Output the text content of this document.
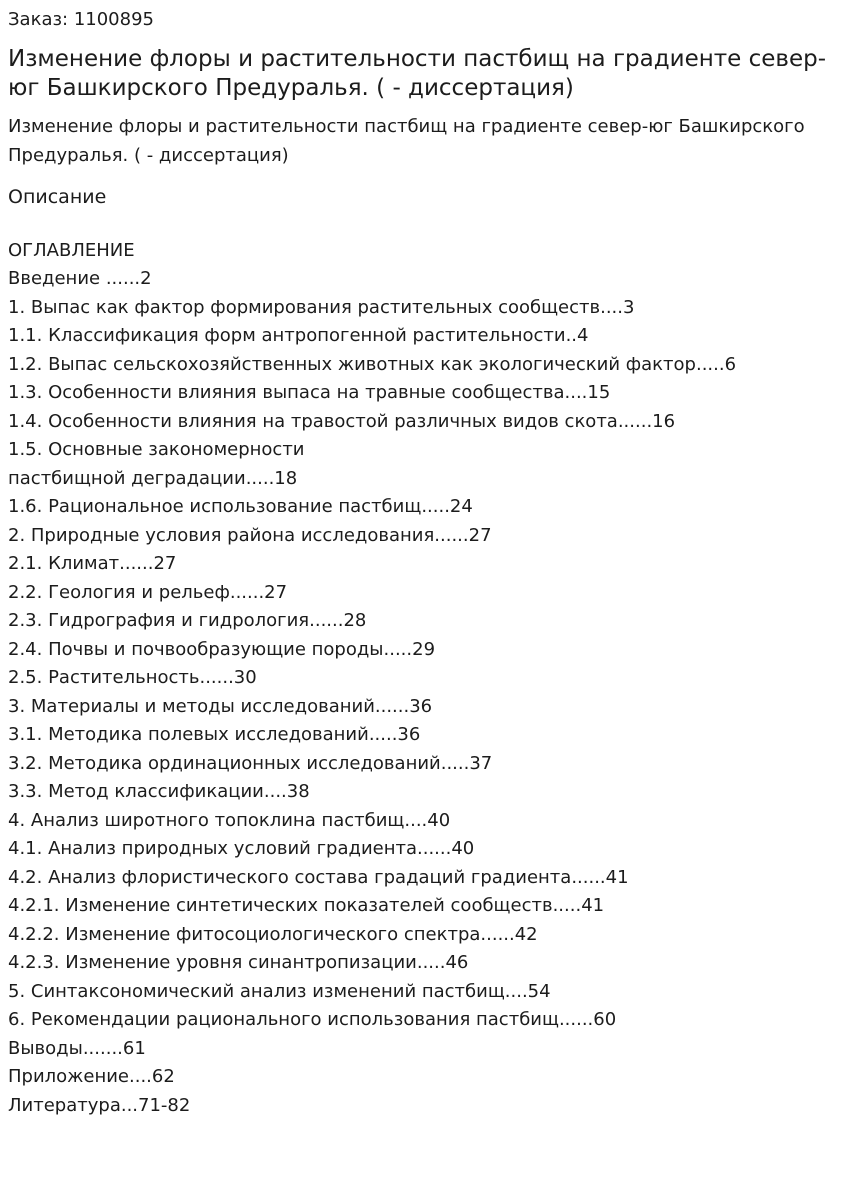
Заказ: 1100895
Изменение флоры и растительности пастбищ на градиенте север-юг Башкирского Предуралья. ( - диссертация)
Изменение флоры и растительности пастбищ на градиенте север-юг Башкирского Предуралья. ( - диссертация)
Описание
ОГЛАВЛЕНИЕ
Введение ......2
1. Выпас как фактор формирования растительных сообществ....3
1.1. Классификация форм антропогенной растительности..4
1.2. Выпас сельскохозяйственных животных как экологический фактор.....6
1.3. Особенности влияния выпаса на травные сообщества....15
1.4. Особенности влияния на травостой различных видов скота......16
1.5. Основные закономерности
пастбищной деградации.....18
1.6. Рациональное использование пастбищ.....24
2. Природные условия района исследования......27
2.1. Климат......27
2.2. Геология и рельеф......27
2.3. Гидрография и гидрология......28
2.4. Почвы и почвообразующие породы.....29
2.5. Растительность......30
3. Материалы и методы исследований......36
3.1. Методика полевых исследований.....36
3.2. Методика ординационных исследований.....37
3.3. Метод классификации....38
4. Анализ широтного топоклина пастбищ....40
4.1. Анализ природных условий градиента......40
4.2. Анализ флористического состава градаций градиента......41
4.2.1. Изменение синтетических показателей сообществ.....41
4.2.2. Изменение фитосоциологического спектра......42
4.2.3. Изменение уровня синантропизации.....46
5. Синтаксономический анализ изменений пастбищ....54
6. Рекомендации рационального использования пастбищ......60
Выводы.......61
Приложение....62
Литература...71-82
